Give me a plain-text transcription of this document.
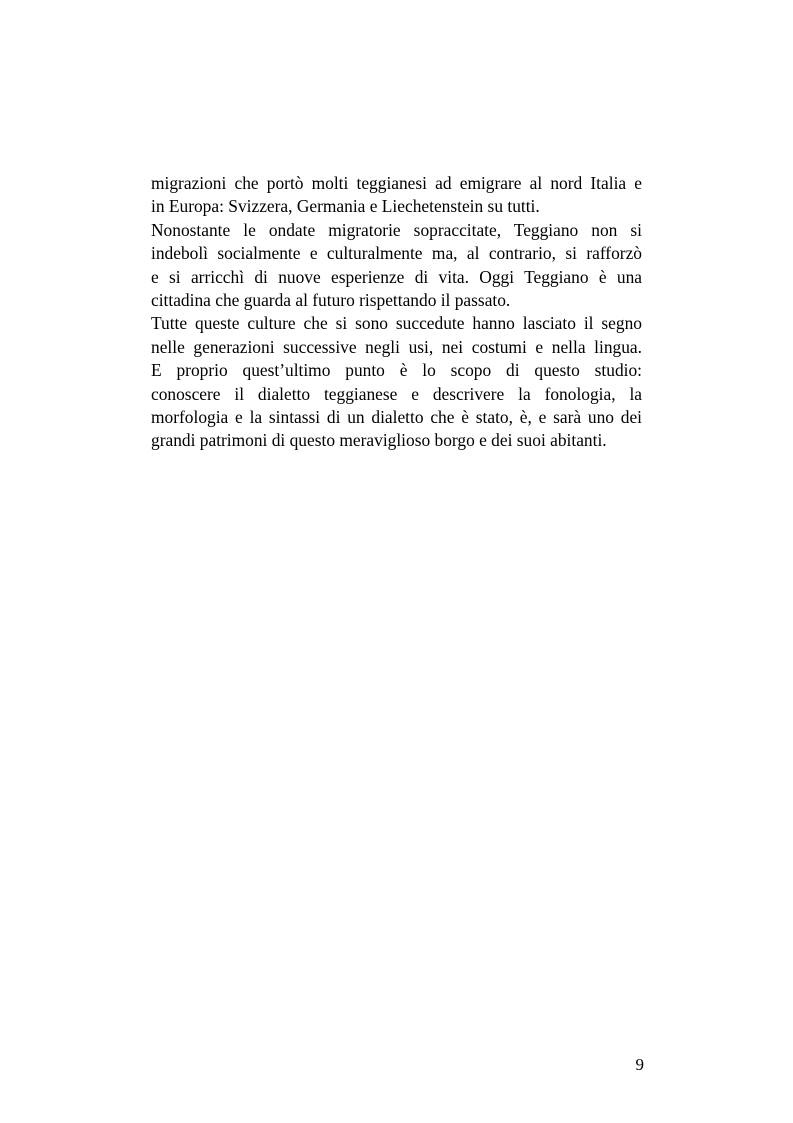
migrazioni che portò molti teggianesi ad emigrare al nord Italia e
in Europa: Svizzera, Germania e Liechetenstein su tutti.
Nonostante le ondate migratorie sopraccitate, Teggiano non si
indebolì socialmente e culturalmente ma, al contrario, si rafforzò
e si arricchì di nuove esperienze di vita. Oggi Teggiano è una
cittadina che guarda al futuro rispettando il passato.
Tutte queste culture che si sono succedute hanno lasciato il segno
nelle generazioni successive negli usi, nei costumi e nella lingua.
E proprio quest’ultimo punto è lo scopo di questo studio:
conoscere il dialetto teggianese e descrivere la fonologia, la
morfologia e la sintassi di un dialetto che è stato, è, e sarà uno dei
grandi patrimoni di questo meraviglioso borgo e dei suoi abitanti.
9
